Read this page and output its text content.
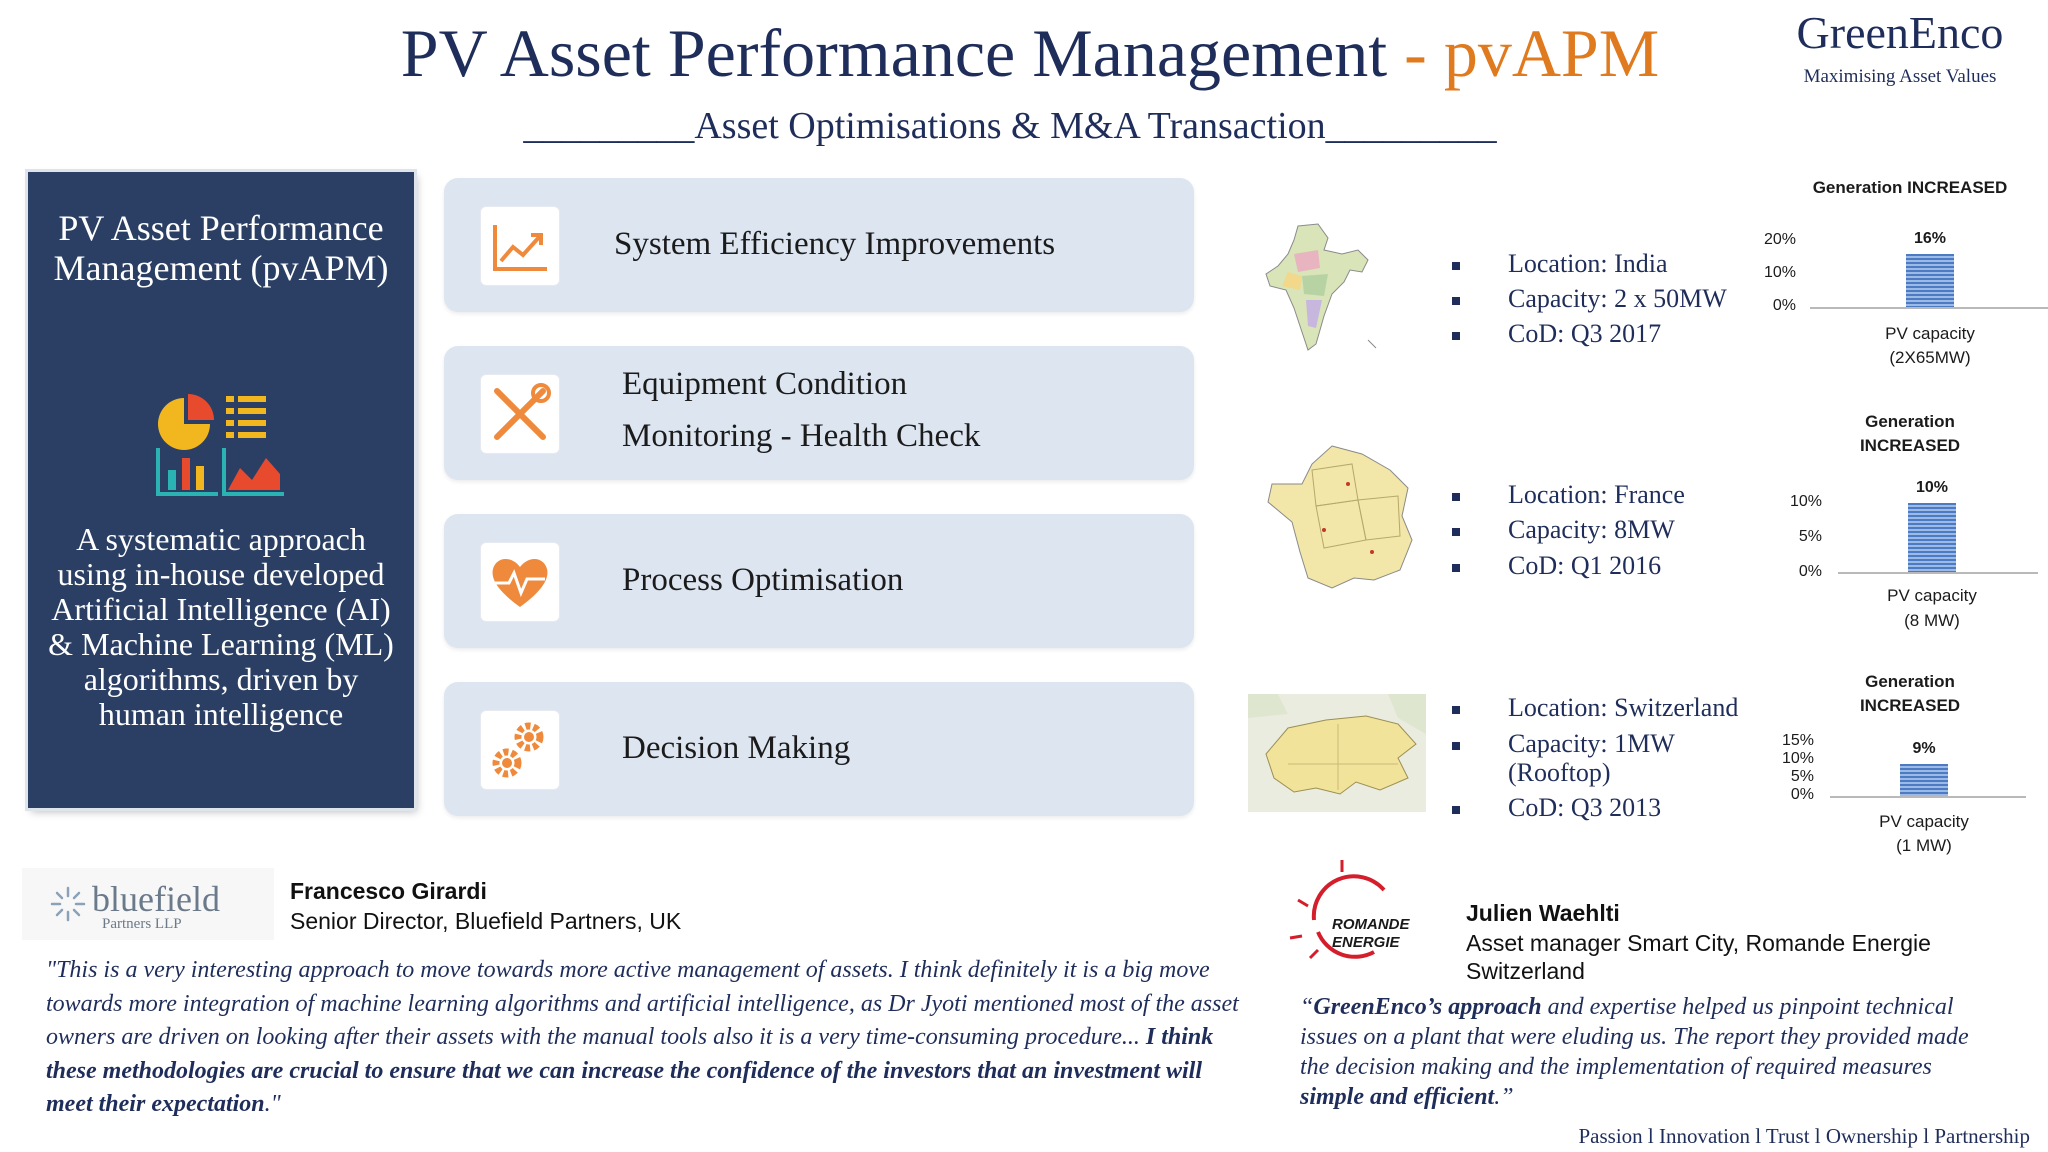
PV Asset Performance Management - pvAPM
_________Asset Optimisations & M&A Transaction_________
GreenEnco
Maximising Asset Values
PV Asset Performance Management (pvAPM)
A systematic approach using in-house developed Artificial Intelligence (AI) & Machine Learning (ML) algorithms, driven by human intelligence
System Efficiency Improvements
Equipment Condition
Monitoring - Health Check
Process Optimisation
Decision Making
Location: India
Capacity: 2 x 50MW
CoD: Q3 2017
Generation INCREASED
20%
10%
0%
16%
PV capacity
(2X65MW)
Location: France
Capacity: 8MW
CoD: Q1 2016
Generation
INCREASED
10%
5%
0%
10%
PV capacity
(8 MW)
Location: Switzerland
Capacity: 1MW
(Rooftop)
CoD: Q3 2013
Generation
INCREASED
15%
10%
5%
0%
9%
PV capacity
(1 MW)
bluefield
Partners LLP
Francesco Girardi
Senior Director, Bluefield Partners, UK
"This is a very interesting approach to move towards more active management of assets. I think definitely it is a big move towards more integration of machine learning algorithms and artificial intelligence, as Dr Jyoti mentioned most of the asset owners are driven on looking after their assets with the manual tools also it is a very time-consuming procedure... I think these methodologies are crucial to ensure that we can increase the confidence of the investors that an investment will meet their expectation."
ROMANDE
ENERGIE
Julien Waehlti
Asset manager Smart City, Romande Energie
Switzerland
“GreenEnco’s approach and expertise helped us pinpoint technical issues on a plant that were eluding us. The report they provided made the decision making and the implementation of required measures simple and efficient.”
Passion l Innovation l Trust l Ownership l Partnership
